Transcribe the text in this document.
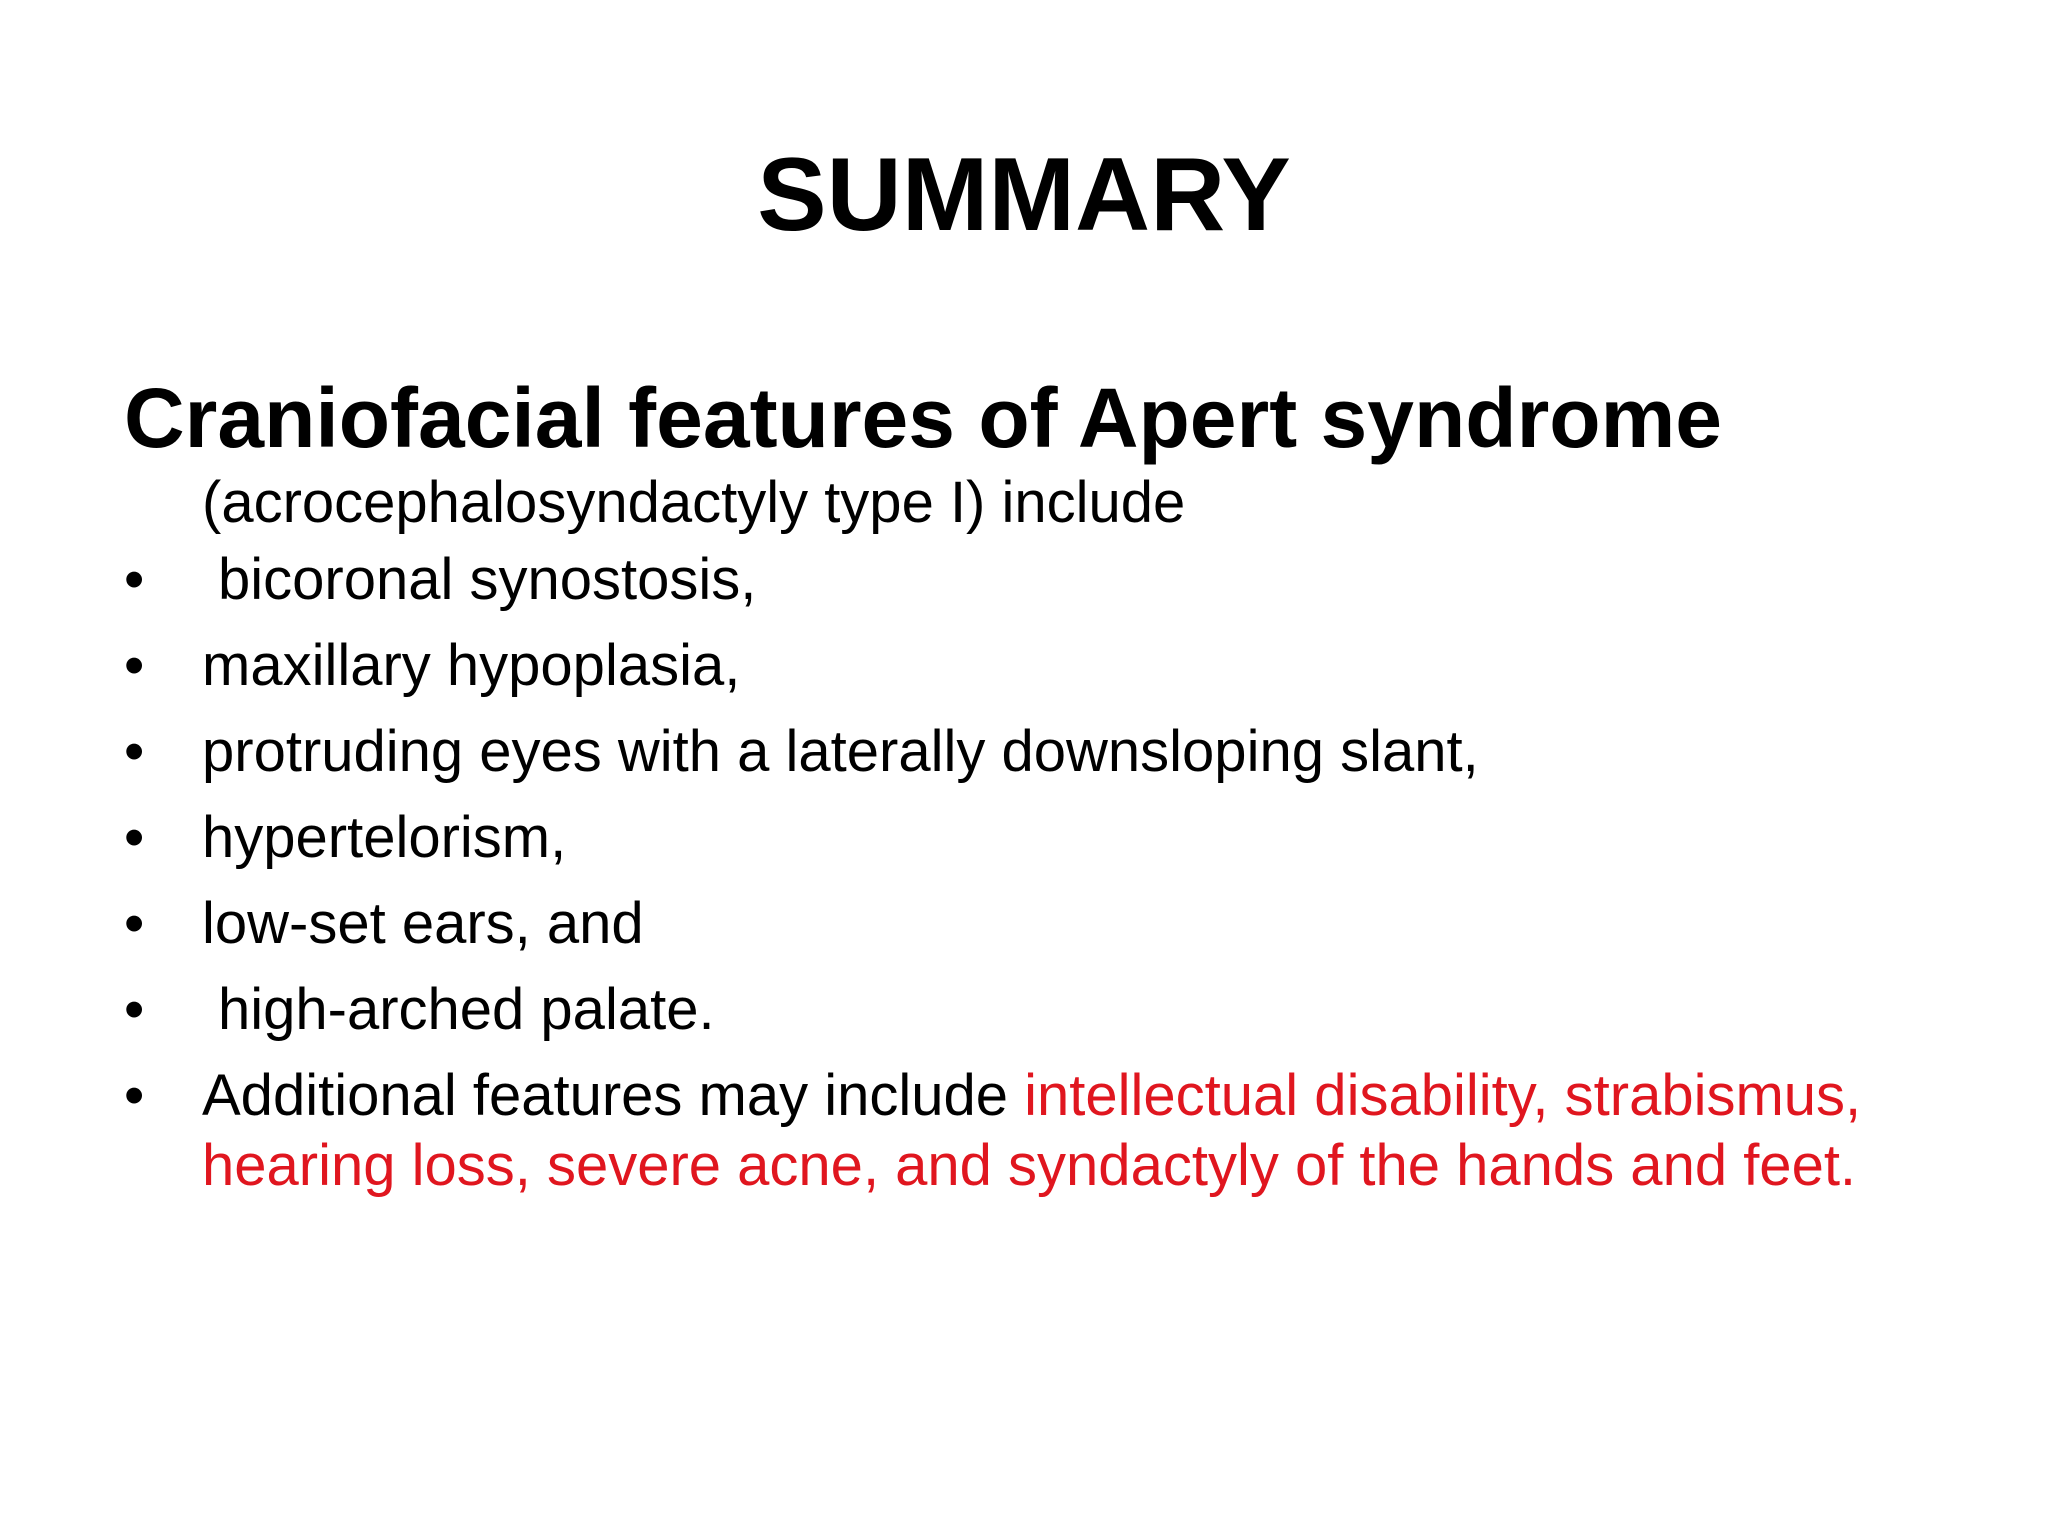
SUMMARY
Craniofacial features of Apert syndrome
(acrocephalosyndactyly type I) include
•	bicoronal synostosis,
• maxillary hypoplasia,
• protruding eyes with a laterally downsloping slant,
• hypertelorism,
• low-set ears, and
•	high-arched palate.
• Additional features may include intellectual disability, strabismus, hearing loss, severe acne, and syndactyly of the hands and feet.
